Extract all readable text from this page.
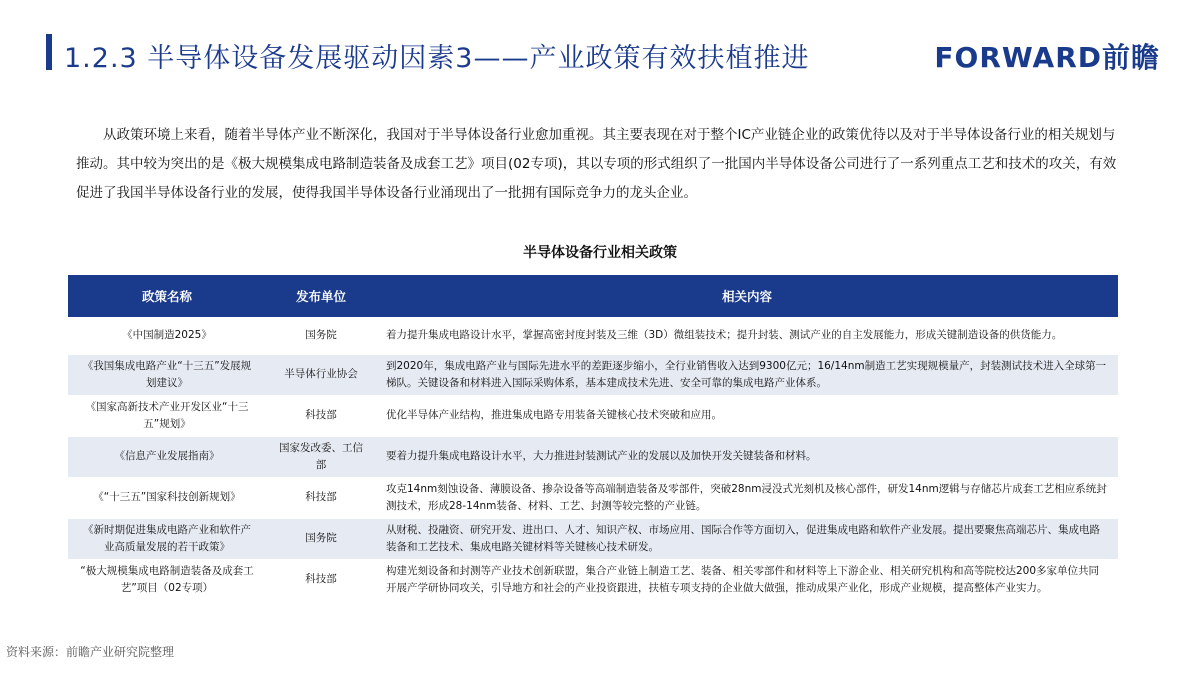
1.2.3 半导体设备发展驱动因素3——产业政策有效扶植推进	FORWARD前瞻
从政策环境上来看，随着半导体产业不断深化，我国对于半导体设备行业愈加重视。其主要表现在对于整个IC产业链企业的政策优待以及对于半导体设备行业的相关规划与推动。其中较为突出的是《极大规模集成电路制造装备及成套工艺》项目(02专项)，其以专项的形式组织了一批国内半导体设备公司进行了一系列重点工艺和技术的攻关，有效促进了我国半导体设备行业的发展，使得我国半导体设备行业涌现出了一批拥有国际竞争力的龙头企业。
半导体设备行业相关政策
政策名称	发布单位	相关内容
《中国制造2025》	国务院	着力提升集成电路设计水平，掌握高密封度封装及三维（3D）微组装技术；提升封装、测试产业的自主发展能力，形成关键制造设备的供货能力。
《我国集成电路产业“十三五”发展规划建议》	半导体行业协会	到2020年，集成电路产业与国际先进水平的差距逐步缩小，全行业销售收入达到9300亿元；16/14nm制造工艺实现规模量产，封装测试技术进入全球第一梯队。关键设备和材料进入国际采购体系，基本建成技术先进、安全可靠的集成电路产业体系。
《国家高新技术产业开发区业“十三五”规划》	科技部	优化半导体产业结构，推进集成电路专用装备关键核心技术突破和应用。
《信息产业发展指南》	国家发改委、工信部	要着力提升集成电路设计水平，大力推进封装测试产业的发展以及加快开发关键装备和材料。
《“十三五”国家科技创新规划》	科技部	攻克14nm刻蚀设备、薄膜设备、掺杂设备等高端制造装备及零部件，突破28nm浸没式光刻机及核心部件，研发14nm逻辑与存储芯片成套工艺相应系统封测技术，形成28-14nm装备、材料、工艺、封测等较完整的产业链。
《新时期促进集成电路产业和软件产业高质量发展的若干政策》	国务院	从财税、投融资、研究开发、进出口、人才、知识产权、市场应用、国际合作等方面切入，促进集成电路和软件产业发展。提出要聚焦高端芯片、集成电路装备和工艺技术、集成电路关键材料等关键核心技术研发。
“极大规模集成电路制造装备及成套工艺”项目（02专项）	科技部	构建光刻设备和封测等产业技术创新联盟，集合产业链上制造工艺、装备、相关零部件和材料等上下游企业、相关研究机构和高等院校达200多家单位共同开展产学研协同攻关，引导地方和社会的产业投资跟进，扶植专项支持的企业做大做强，推动成果产业化，形成产业规模，提高整体产业实力。
资料来源：前瞻产业研究院整理
